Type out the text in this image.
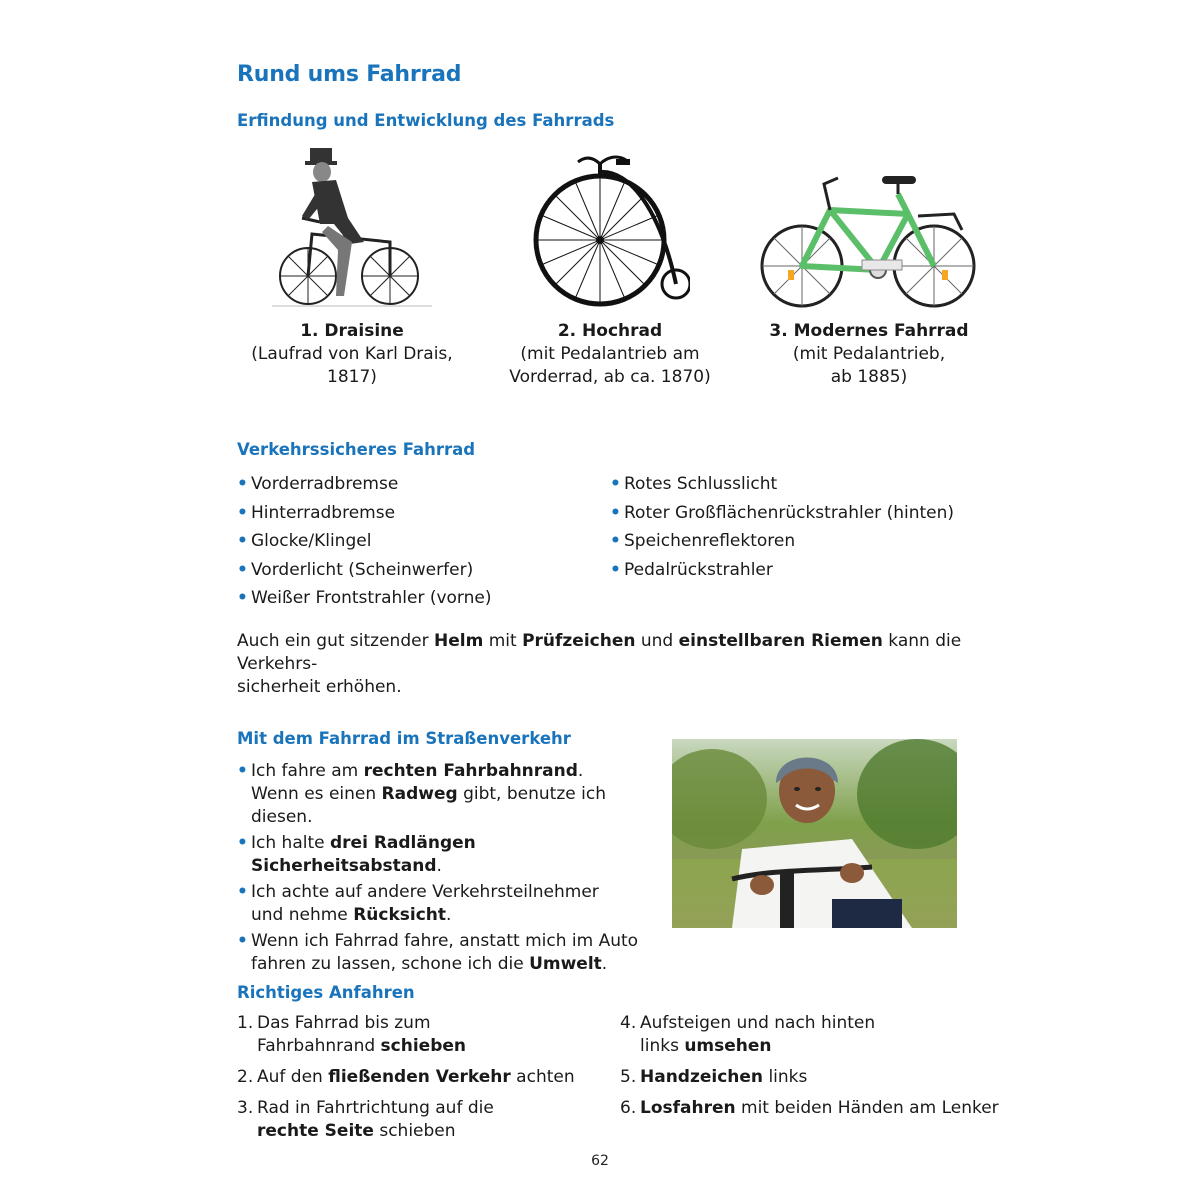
Rund ums Fahrrad
Erfindung und Entwicklung des Fahrrads
1. Draisine
(Laufrad von Karl Drais,
1817)
2. Hochrad
(mit Pedalantrieb am
Vorderrad, ab ca. 1870)
3. Modernes Fahrrad
(mit Pedalantrieb,
ab 1885)
Verkehrssicheres Fahrrad
• Vorderradbremse
• Hinterradbremse
• Glocke/Klingel
• Vorderlicht (Scheinwerfer)
• Weißer Frontstrahler (vorne)
• Rotes Schlusslicht
• Roter Großflächenrückstrahler (hinten)
• Speichenreflektoren
• Pedalrückstrahler
Auch ein gut sitzender Helm mit Prüfzeichen und einstellbaren Riemen kann die Verkehrs-
sicherheit erhöhen.
Mit dem Fahrrad im Straßenverkehr
• Ich fahre am rechten Fahrbahnrand.
Wenn es einen Radweg gibt, benutze ich diesen.
• Ich halte drei Radlängen Sicherheitsabstand.
• Ich achte auf andere Verkehrsteilnehmer
und nehme Rücksicht.
• Wenn ich Fahrrad fahre, anstatt mich im Auto
fahren zu lassen, schone ich die Umwelt.
Richtiges Anfahren
1. Das Fahrrad bis zum
Fahrbahnrand schieben
2. Auf den fließenden Verkehr achten
3. Rad in Fahrtrichtung auf die
rechte Seite schieben
4. Aufsteigen und nach hinten
links umsehen
5. Handzeichen links
6. Losfahren mit beiden Händen am Lenker
62
